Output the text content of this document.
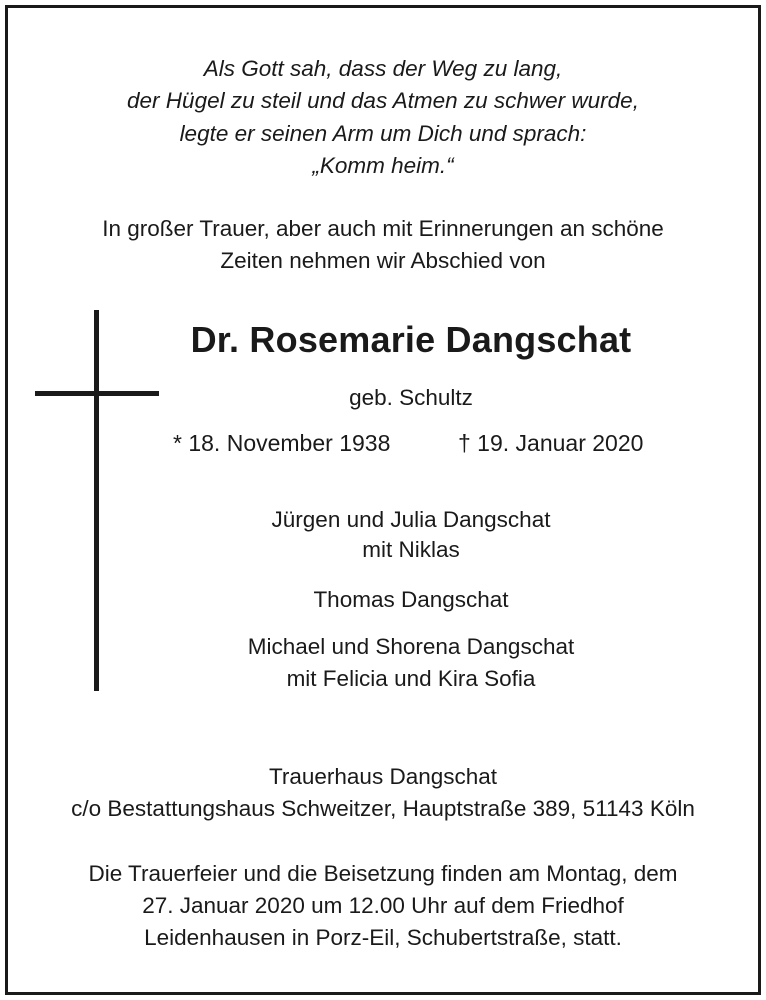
Als Gott sah, dass der Weg zu lang,
der Hügel zu steil und das Atmen zu schwer wurde,
legte er seinen Arm um Dich und sprach:
„Komm heim.“
In großer Trauer, aber auch mit Erinnerungen an schöne
Zeiten nehmen wir Abschied von
Dr. Rosemarie Dangschat
geb. Schultz
* 18. November 1938	† 19. Januar 2020
Jürgen und Julia Dangschat
mit Niklas
Thomas Dangschat
Michael und Shorena Dangschat
mit Felicia und Kira Sofia
Trauerhaus Dangschat
c/o Bestattungshaus Schweitzer, Hauptstraße 389, 51143 Köln
Die Trauerfeier und die Beisetzung finden am Montag, dem
27. Januar 2020 um 12.00 Uhr auf dem Friedhof
Leidenhausen in Porz-Eil, Schubertstraße, statt.
